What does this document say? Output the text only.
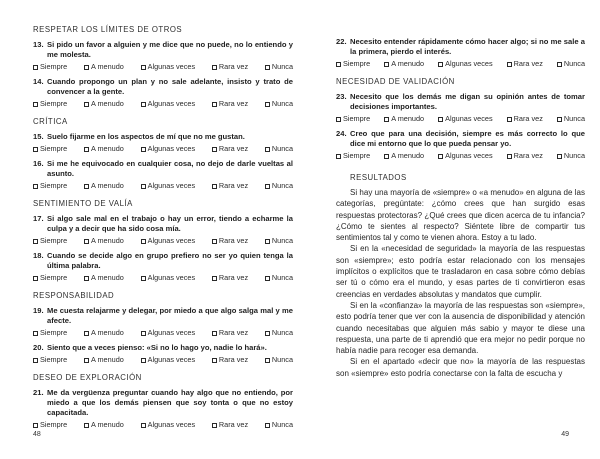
RESPETAR LOS LÍMITES DE OTROS
13. Si pido un favor a alguien y me dice que no puede, no lo entiendo y me molesta.
Siempre	A menudo	Algunas veces	Rara vez	Nunca
14. Cuando propongo un plan y no sale adelante, insisto y trato de convencer a la gente.
Siempre	A menudo	Algunas veces	Rara vez	Nunca
CRÍTICA
15. Suelo fijarme en los aspectos de mí que no me gustan.
Siempre	A menudo	Algunas veces	Rara vez	Nunca
16. Si me he equivocado en cualquier cosa, no dejo de darle vueltas al asunto.
Siempre	A menudo	Algunas veces	Rara vez	Nunca
SENTIMIENTO DE VALÍA
17. Si algo sale mal en el trabajo o hay un error, tiendo a echarme la culpa y a decir que ha sido cosa mía.
Siempre	A menudo	Algunas veces	Rara vez	Nunca
18. Cuando se decide algo en grupo prefiero no ser yo quien tenga la última palabra.
Siempre	A menudo	Algunas veces	Rara vez	Nunca
RESPONSABILIDAD
19. Me cuesta relajarme y delegar, por miedo a que algo salga mal y me afecte.
Siempre	A menudo	Algunas veces	Rara vez	Nunca
20. Siento que a veces pienso: «Si no lo hago yo, nadie lo hará».
Siempre	A menudo	Algunas veces	Rara vez	Nunca
DESEO DE EXPLORACIÓN
21. Me da vergüenza preguntar cuando hay algo que no entiendo, por miedo a que los demás piensen que soy tonta o que no estoy capacitada.
Siempre	A menudo	Algunas veces	Rara vez	Nunca
48
22. Necesito entender rápidamente cómo hacer algo; si no me sale a la primera, pierdo el interés.
Siempre	A menudo	Algunas veces	Rara vez	Nunca
NECESIDAD DE VALIDACIÓN
23. Necesito que los demás me digan su opinión antes de tomar decisiones importantes.
Siempre	A menudo	Algunas veces	Rara vez	Nunca
24. Creo que para una decisión, siempre es más correcto lo que dice mi entorno que lo que pueda pensar yo.
Siempre	A menudo	Algunas veces	Rara vez	Nunca
RESULTADOS

Si hay una mayoría de «siempre» o «a menudo» en alguna de las categorías, pregúntate: ¿cómo crees que han surgido esas respuestas protectoras? ¿Qué crees que dicen acerca de tu infancia? ¿Cómo te sientes al respecto? Siéntete libre de compartir tus sentimientos tal y como te vienen ahora. Estoy a tu lado.

Si en la «necesidad de seguridad» la mayoría de las respuestas son «siempre»; esto podría estar relacionado con los mensajes implícitos o explícitos que te trasladaron en casa sobre cómo debías ser tú o cómo era el mundo, y esas partes de ti convirtieron esas creencias en verdades absolutas y mandatos que cumplir.

Si en la «confianza» la mayoría de las respuestas son «siempre», esto podría tener que ver con la ausencia de disponibilidad y atención cuando necesitabas que alguien más sabio y mayor te diese una respuesta, una parte de ti aprendió que era mejor no pedir porque no había nadie para recoger esa demanda.

Si en el apartado «decir que no» la mayoría de las respuestas son «siempre» esto podría conectarse con la falta de escucha y

49
